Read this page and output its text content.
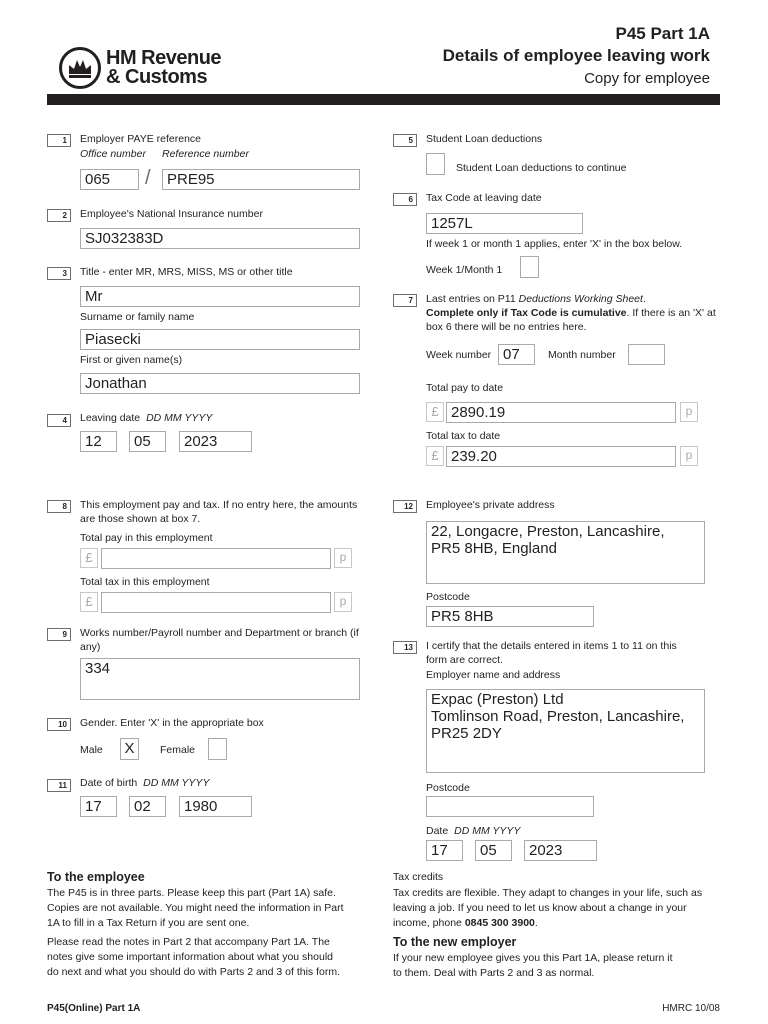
HM Revenue
& Customs
P45 Part 1A
Details of employee leaving work
Copy for employee
1	Employer PAYE reference
Office number Reference number
065	/	PRE95
2	Employee's National Insurance number
SJ032383D
3	Title - enter MR, MRS, MISS, MS or other title
Mr
Surname or family name
Piasecki
First or given name(s)
Jonathan
4	Leaving date DD MM YYYY
12	05	2023
5	Student Loan deductions
Student Loan deductions to continue
6	Tax Code at leaving date
1257L
If week 1 or month 1 applies, enter 'X' in the box below.
Week 1/Month 1
7	Last entries on P11 Deductions Working Sheet.
Complete only if Tax Code is cumulative. If there is an 'X' at box 6 there will be no entries here.
Week number 07	Month number
Total pay to date
£ 2890.19	p
Total tax to date
£ 239.20	p
8	This employment pay and tax. If no entry here, the amounts are those shown at box 7.
Total pay in this employment
£	p
Total tax in this employment
£	p
9	Works number/Payroll number and Department or branch (if any)
334
10	Gender. Enter 'X' in the appropriate box
Male X	Female
11	Date of birth DD MM YYYY
17	02	1980
12	Employee's private address
22, Longacre, Preston, Lancashire,
PR5 8HB, England
Postcode
PR5 8HB
13	I certify that the details entered in items 1 to 11 on this form are correct.
Employer name and address
Expac (Preston) Ltd
Tomlinson Road, Preston, Lancashire,
PR25 2DY
Postcode
Date DD MM YYYY
17	05	2023
To the employee
The P45 is in three parts. Please keep this part (Part 1A) safe. Copies are not available. You might need the information in Part 1A to fill in a Tax Return if you are sent one.
Please read the notes in Part 2 that accompany Part 1A. The notes give some important information about what you should do next and what you should do with Parts 2 and 3 of this form.
Tax credits
Tax credits are flexible. They adapt to changes in your life, such as leaving a job. If you need to let us know about a change in your income, phone 0845 300 3900.
To the new employer
If your new employee gives you this Part 1A, please return it to them. Deal with Parts 2 and 3 as normal.
P45(Online) Part 1A	HMRC 10/08
